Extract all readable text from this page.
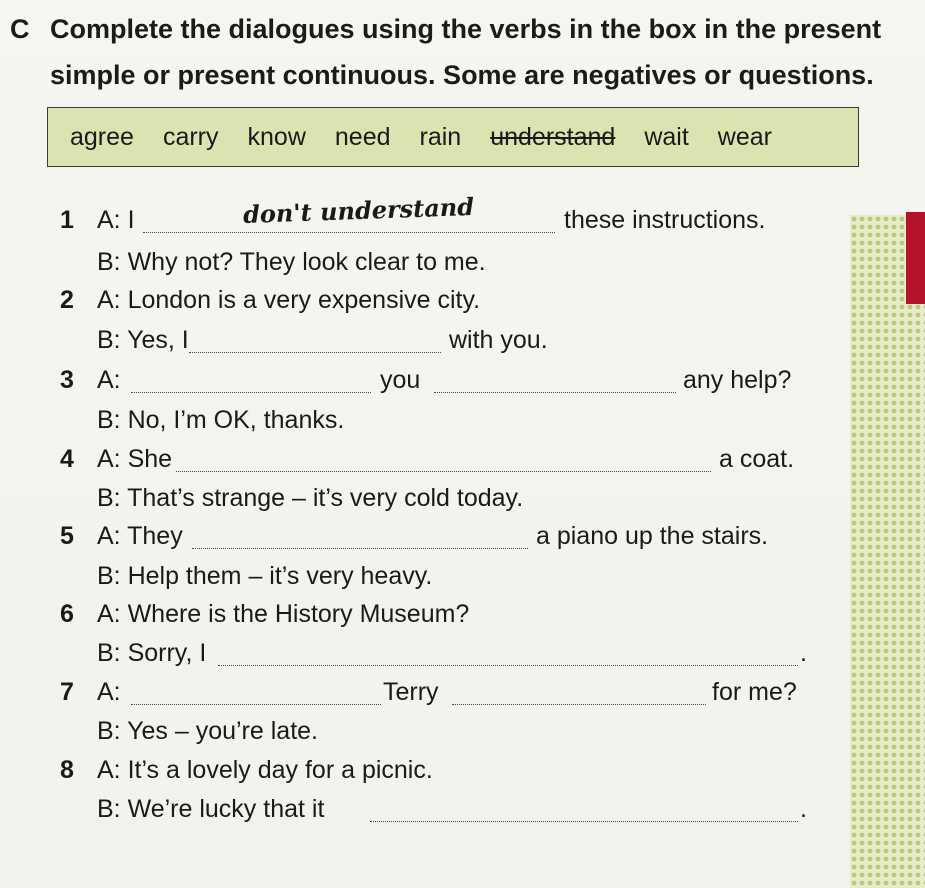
C Complete the dialogues using the verbs in the box in the present
simple or present continuous. Some are negatives or questions.
agree carry know need rain understand wait wear
1 A: I	don't understand	these instructions.
B: Why not? They look clear to me.
2 A: London is a very expensive city.
B: Yes, I	with you.
3 A:	you	any help?
B: No, I’m OK, thanks.
4 A: She	a coat.
B: That’s strange – it’s very cold today.
5 A: They	a piano up the stairs.
B: Help them – it’s very heavy.
6 A: Where is the History Museum?
B: Sorry, I	.
7 A:	Terry	for me?
B: Yes – you’re late.
8 A: It’s a lovely day for a picnic.
B: We’re lucky that it	.
